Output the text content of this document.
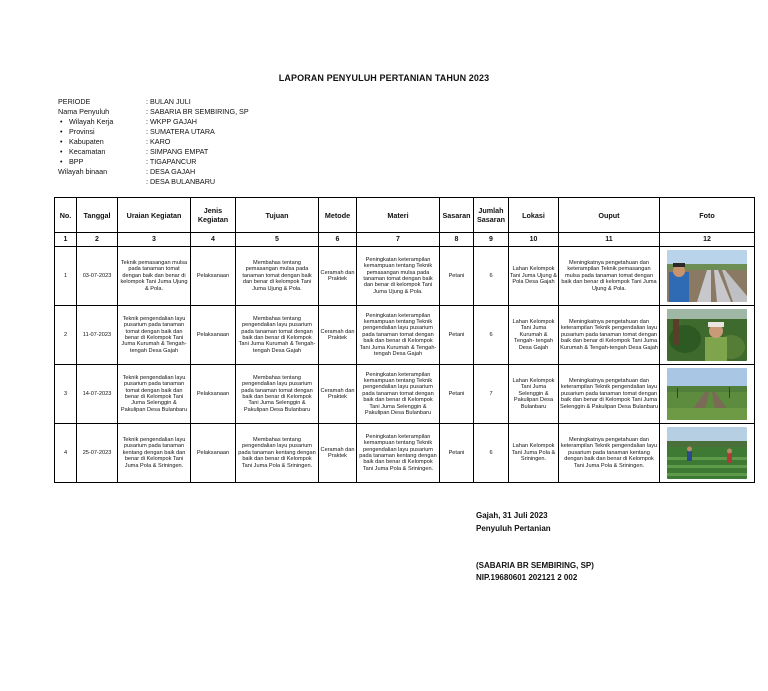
LAPORAN PENYULUH PERTANIAN TAHUN 2023
PERIODE	: BULAN JULI
Nama Penyuluh	: SABARIA BR SEMBIRING, SP
• Wilayah Kerja	: WKPP GAJAH
• Provinsi	: SUMATERA UTARA
• Kabupaten	: KARO
• Kecamatan	: SIMPANG EMPAT
• BPP	: TIGAPANCUR
Wilayah binaan	: DESA GAJAH
: DESA BULANBARU
No.	Tanggal	Uraian Kegiatan	Jenis Kegiatan	Tujuan	Metode	Materi	Sasaran	Jumlah Sasaran	Lokasi	Ouput	Foto
1	2	3	4	5	6	7	8	9	10	11	12
1	03-07-2023	Teknik pemasangan mulsa pada tanaman tomat dengan baik dan benar di kelompok Tani Juma Ujung & Pola.	Pelaksanaan	Membahas tentang pemasangan mulsa pada tanaman tomat dengan baik dan benar di kelompok Tani Juma Ujung & Pola.	Ceramah dan Praktek	Peningkatan keterampilan kemampuan tentang Teknik pemasangan mulsa pada tanaman tomat dengan baik dan benar di kelompok Tani Juma Ujung & Pola.	Petani	6	Lahan Kelompok Tani Juma Ujung & Pola Desa Gajah	Meningkatnya pengetahuan dan keterampilan Teknik pemasangan mulsa pada tanaman tomat dengan baik dan benar di kelompok Tani Juma Ujung & Pola.	

2	11-07-2023	Teknik pengendalian layu pusarium pada tanaman tomat dengan baik dan benar di Kelompok Tani Juma Kurumah & Tengah- tengah Desa Gajah	Pelaksanaan	Membahas tentang pengendalian layu pusarium pada tanaman tomat dengan baik dan benar di Kelompok Tani Juma Kurumah & Tengah- tengah Desa Gajah	Ceramah dan Praktek	Peningkatan keterampilan kemampuan tentang Teknik pengendalian layu pusarium pada tanaman tomat dengan baik dan benar di Kelompok Tani Juma Kurumah & Tengah- tengah Desa Gajah	Petani	6	Lahan Kelompok Tani Juma Kurumah & Tengah- tengah Desa Gajah	Meningkatnya pengetahuan dan keterampilan Teknik pengendalian layu pusarium pada tanaman tomat dengan baik dan benar di Kelompok Tani Juma Kurumah & Tengah-tengah Desa Gajah	

3	14-07-2023	Teknik pengendalian layu pusarium pada tanaman tomat dengan baik dan benar di Kelompok Tani Juma Selenggin & Pakulipan Desa Bulanbaru	Pelaksanaan	Membahas tentang pengendalian layu pusarium pada tanaman tomat dengan baik dan benar di Kelompok Tani Juma Selenggin & Pakulipan Desa Bulanbaru	Ceramah dan Praktek	Peningkatan keterampilan kemampuan tentang Teknik pengendalian layu pusarium pada tanaman tomat dengan baik dan benar di Kelompok Tani Juma Selenggin & Pakulipan Desa Bulanbaru	Petani	7	Lahan Kelompok Tani Juma Selenggin & Pakulipan Desa Bulanbaru	Meningkatnya pengetahuan dan keterampilan Teknik pengendalian layu pusarium pada tanaman tomat dengan baik dan benar di Kelompok Tani Juma Selenggin & Pakulipan Desa Bulanbaru	

4	25-07-2023	Teknik pengendalian layu pusarium pada tanaman kentang dengan baik dan benar di Kelompok Tani Juma Pola & Sriningen.	Pelaksanaan	Membahas tentang pengendalian layu pusarium pada tanaman kentang dengan baik dan benar di Kelompok Tani Juma Pola & Sriningen.	Ceramah dan Praktek	Peningkatan keterampilan kemampuan tentang Teknik pengendalian layu pusarium pada tanaman kentang dengan baik dan benar di Kelompok Tani Juma Pola & Sriningen.	Petani	6	Lahan Kelompok Tani Juma Pola & Sriningen.	Meningkatnya pengetahuan dan keterampilan Teknik pengendalian layu pusarium pada tanaman kentang dengan baik dan benar di Kelompok Tani Juma Pola & Sriningen.	
Gajah, 31 Juli 2023
Penyuluh Pertanian
(SABARIA BR SEMBIRING, SP)
NIP.19680601 202121 2 002
